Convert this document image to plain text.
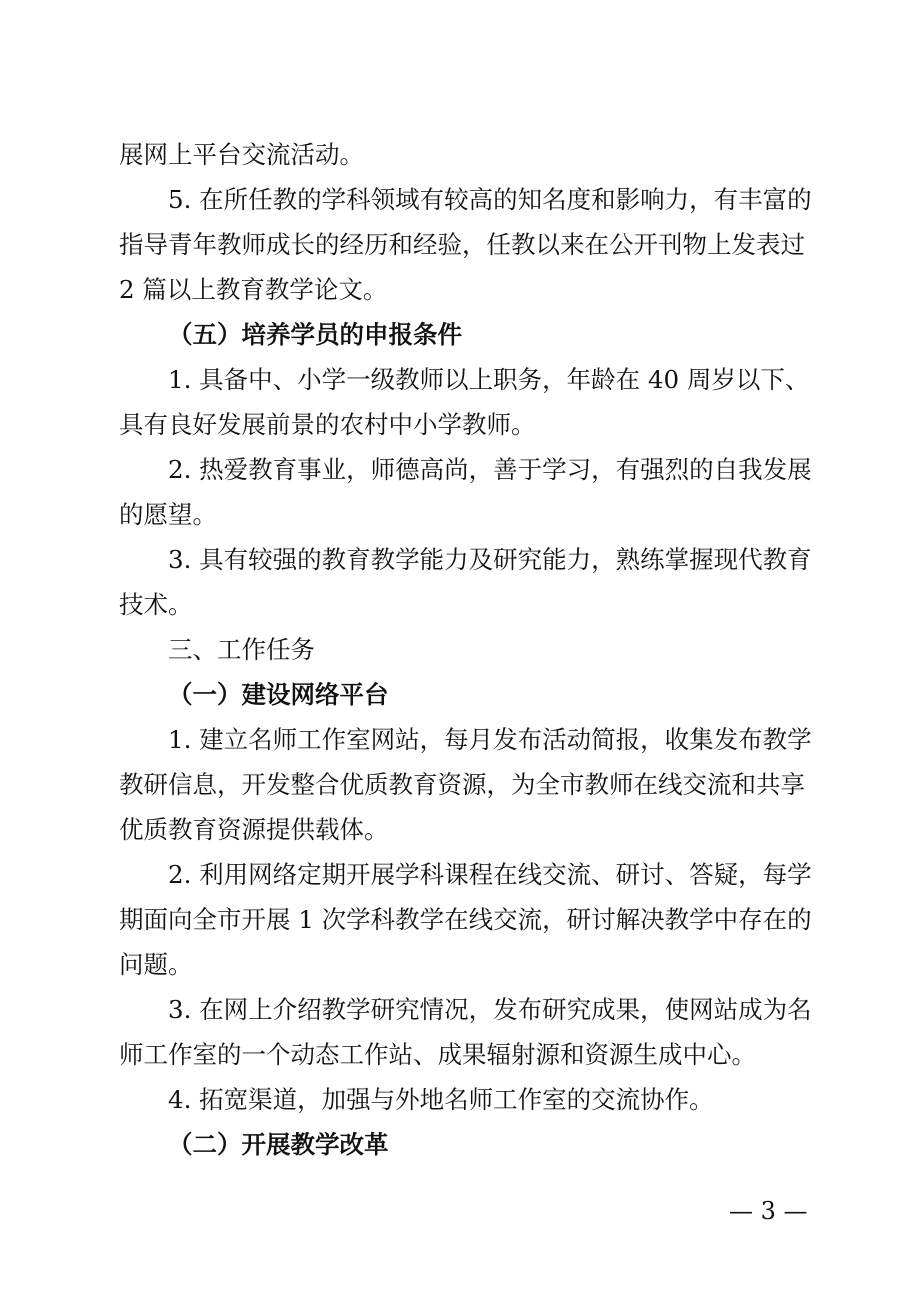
展网上平台交流活动。
5. 在所任教的学科领域有较高的知名度和影响力，有丰富的
指导青年教师成长的经历和经验，任教以来在公开刊物上发表过
2 篇以上教育教学论文。
（五）培养学员的申报条件
1. 具备中、小学一级教师以上职务，年龄在 40 周岁以下、
具有良好发展前景的农村中小学教师。
2. 热爱教育事业，师德高尚，善于学习，有强烈的自我发展
的愿望。
3. 具有较强的教育教学能力及研究能力，熟练掌握现代教育
技术。
三、工作任务
（一）建设网络平台
1. 建立名师工作室网站，每月发布活动简报，收集发布教学
教研信息，开发整合优质教育资源，为全市教师在线交流和共享
优质教育资源提供载体。
2. 利用网络定期开展学科课程在线交流、研讨、答疑，每学
期面向全市开展 1 次学科教学在线交流，研讨解决教学中存在的
问题。
3. 在网上介绍教学研究情况，发布研究成果，使网站成为名
师工作室的一个动态工作站、成果辐射源和资源生成中心。
4. 拓宽渠道，加强与外地名师工作室的交流协作。
（二）开展教学改革
— 3 —
